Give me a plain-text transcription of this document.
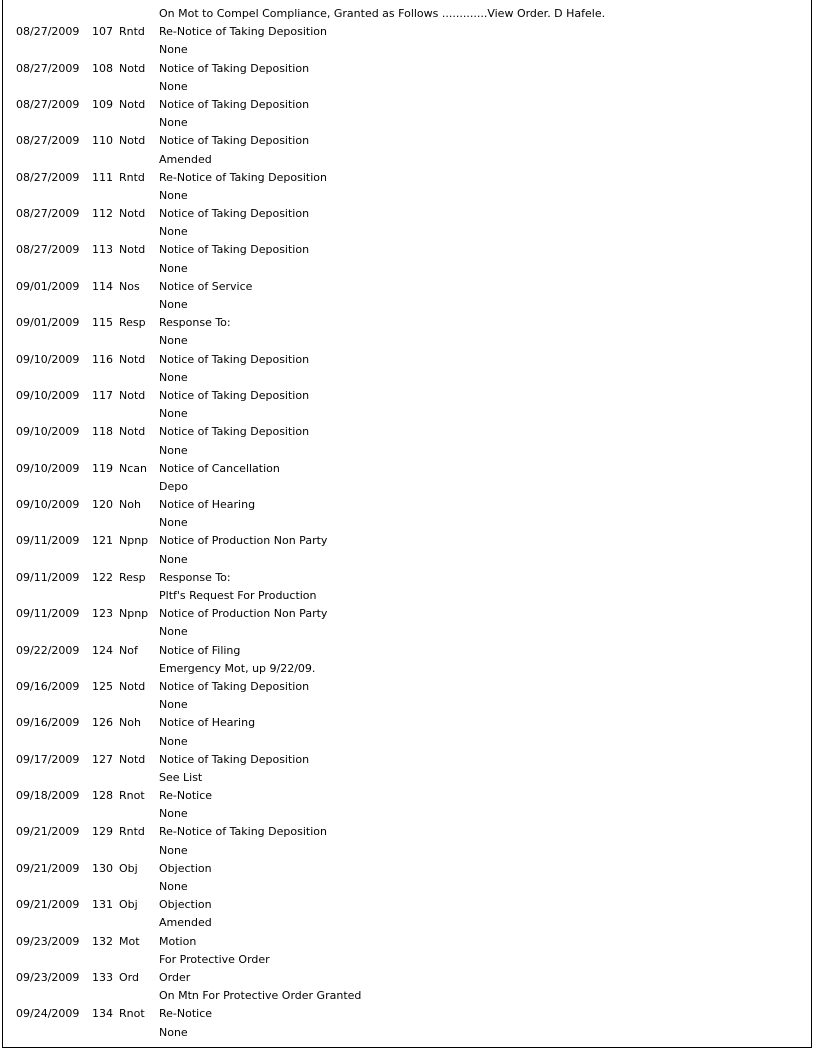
On Mot to Compel Compliance, Granted as Follows .............View Order. D Hafele.
08/27/2009 107 Rntd Re-Notice of Taking Deposition
None
08/27/2009 108 Notd Notice of Taking Deposition
None
08/27/2009 109 Notd Notice of Taking Deposition
None
08/27/2009 110 Notd Notice of Taking Deposition
Amended
08/27/2009 111 Rntd Re-Notice of Taking Deposition
None
08/27/2009 112 Notd Notice of Taking Deposition
None
08/27/2009 113 Notd Notice of Taking Deposition
None
09/01/2009 114 Nos Notice of Service
None
09/01/2009 115 Resp Response To:
None
09/10/2009 116 Notd Notice of Taking Deposition
None
09/10/2009 117 Notd Notice of Taking Deposition
None
09/10/2009 118 Notd Notice of Taking Deposition
None
09/10/2009 119 Ncan Notice of Cancellation
Depo
09/10/2009 120 Noh Notice of Hearing
None
09/11/2009 121 Npnp Notice of Production Non Party
None
09/11/2009 122 Resp Response To:
Pltf's Request For Production
09/11/2009 123 Npnp Notice of Production Non Party
None
09/22/2009 124 Nof Notice of Filing
Emergency Mot, up 9/22/09.
09/16/2009 125 Notd Notice of Taking Deposition
None
09/16/2009 126 Noh Notice of Hearing
None
09/17/2009 127 Notd Notice of Taking Deposition
See List
09/18/2009 128 Rnot Re-Notice
None
09/21/2009 129 Rntd Re-Notice of Taking Deposition
None
09/21/2009 130 Obj Objection
None
09/21/2009 131 Obj Objection
Amended
09/23/2009 132 Mot Motion
For Protective Order
09/23/2009 133 Ord Order
On Mtn For Protective Order Granted
09/24/2009 134 Rnot Re-Notice
None
